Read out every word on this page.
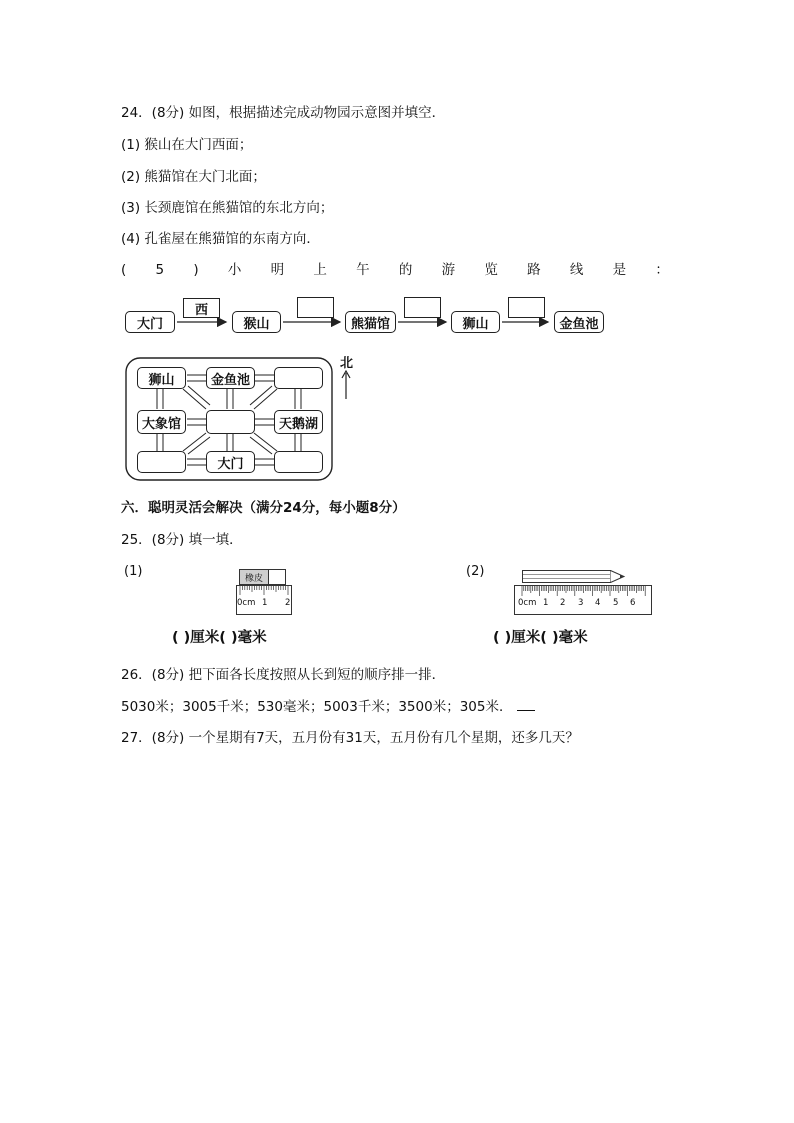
24．(8分) 如图，根据描述完成动物园示意图并填空．
(1) 猴山在大门西面；
(2) 熊猫馆在大门北面；
(3) 长颈鹿馆在熊猫馆的东北方向；
(4) 孔雀屋在熊猫馆的东南方向．
( 5 ) 小 明 上 午 的 游 览 路 线 是 ：
大门
西
猴山	熊猫馆	狮山	金鱼池
狮山	金鱼池
大象馆	天鹅湖
大门
北
六．聪明灵活会解决（满分24分，每小题8分）
25．(8分) 填一填．
(1)	橡皮
0cm 1 2
( )厘米( )毫米
(2)
0cm 1 2 3 4 5 6
( )厘米( )毫米
26．(8分) 把下面各长度按照从长到短的顺序排一排．
5030米；3005千米；530毫米；5003千米；3500米；305米．
27．(8分) 一个星期有7天，五月份有31天，五月份有几个星期，还多几天？
